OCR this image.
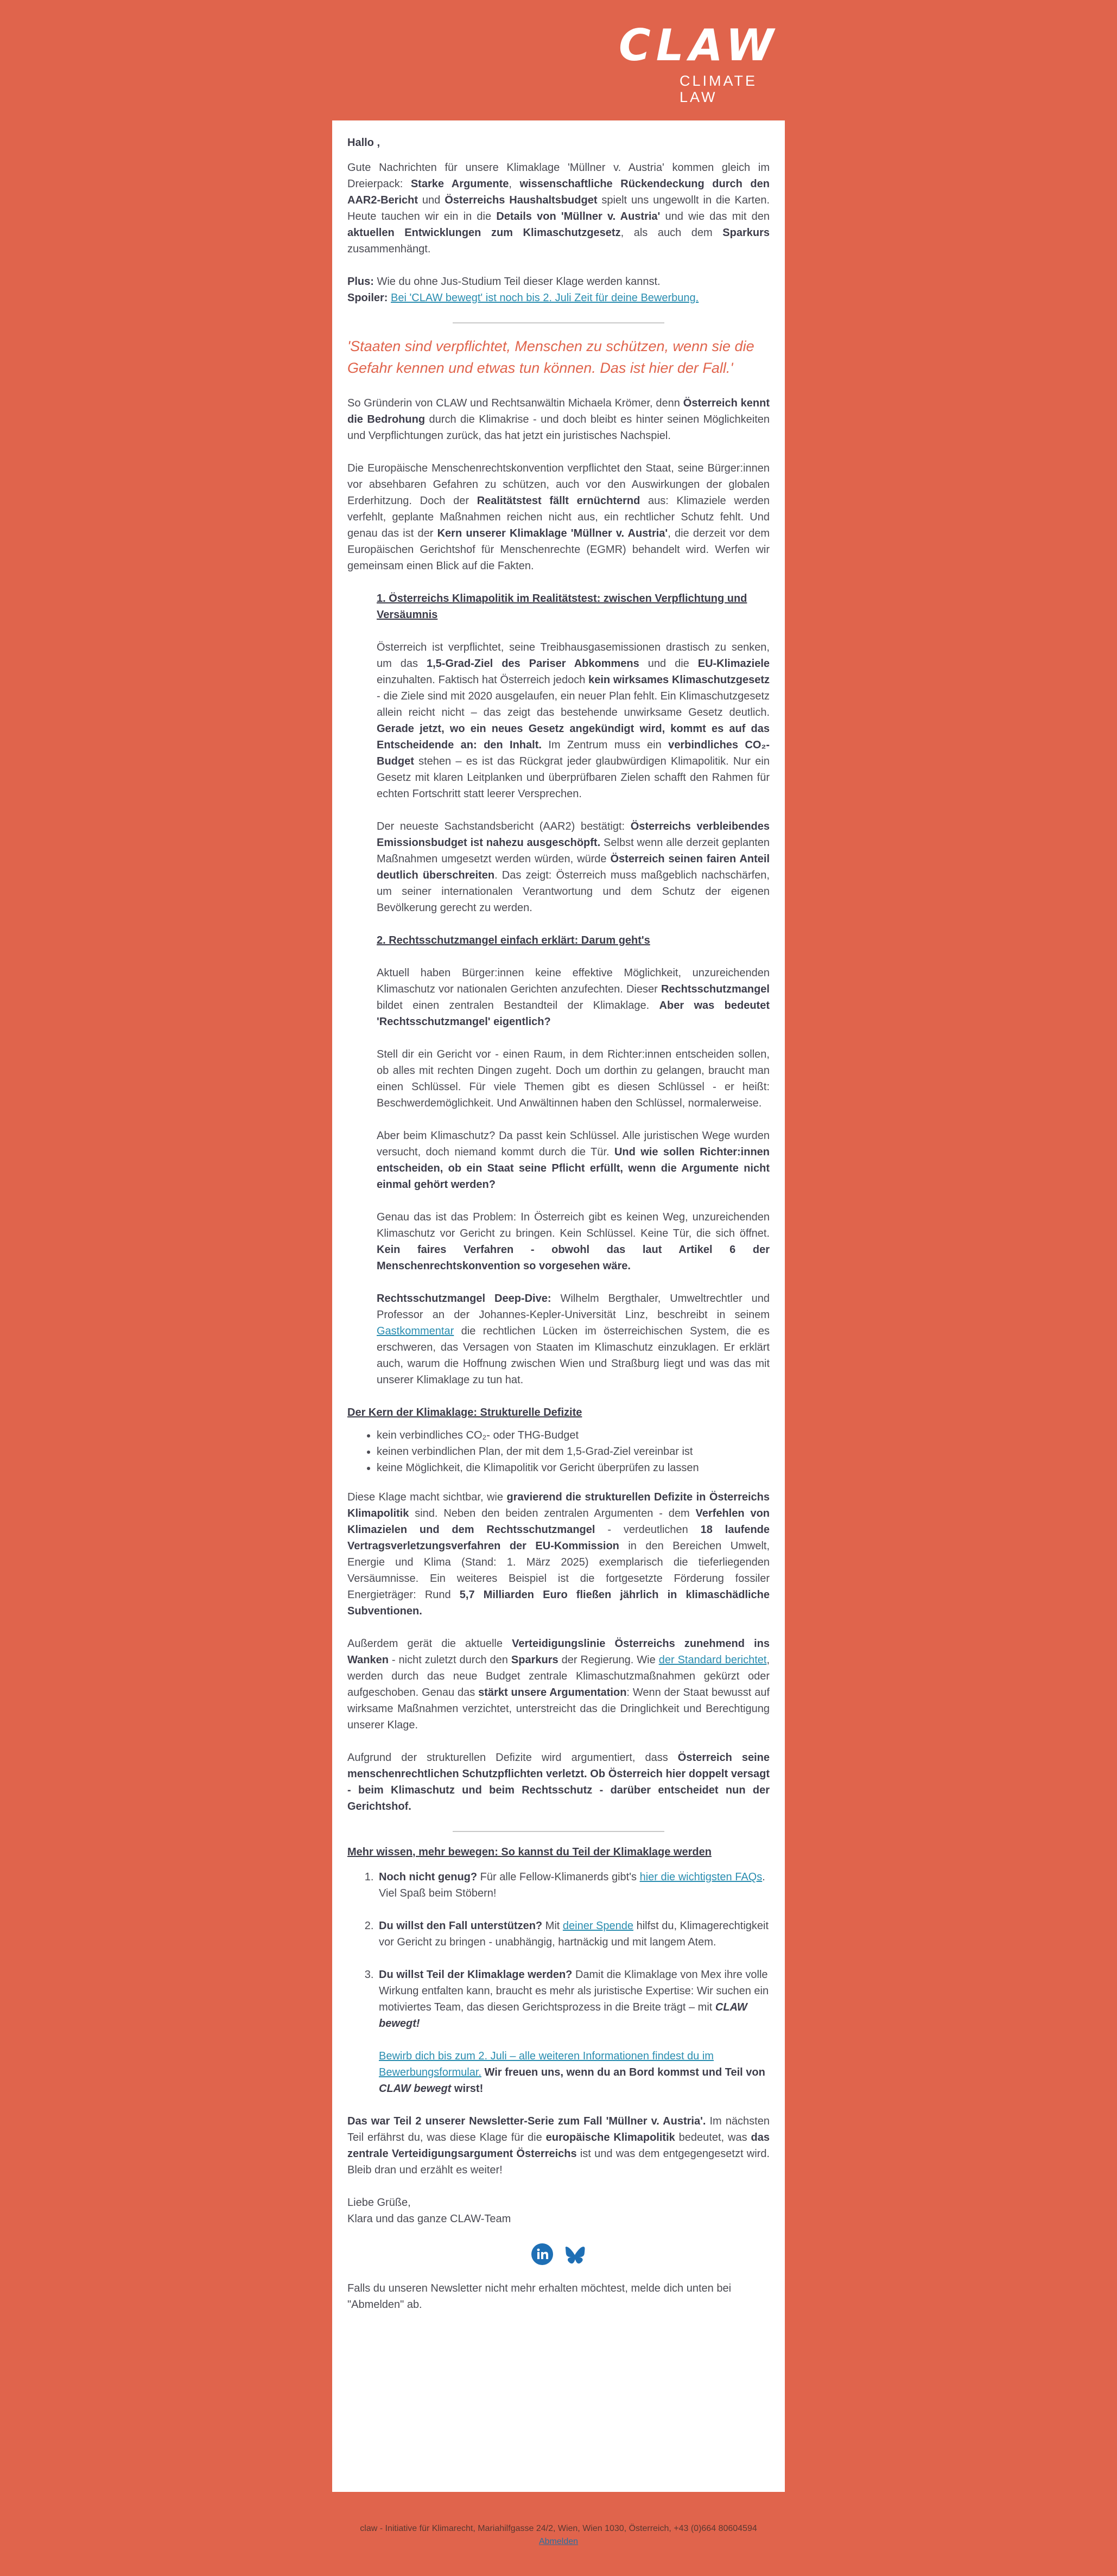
CLAW
CLIMATE
LAW

Hallo ,

Gute Nachrichten für unsere Klimaklage 'Müllner v. Austria' kommen gleich im Dreierpack: Starke Argumente, wissenschaftliche Rückendeckung durch den AAR2-Bericht und Österreichs Haushaltsbudget spielt uns ungewollt in die Karten. Heute tauchen wir ein in die Details von 'Müllner v. Austria' und wie das mit den aktuellen Entwicklungen zum Klimaschutzgesetz, als auch dem Sparkurs zusammenhängt.

Plus: Wie du ohne Jus-Studium Teil dieser Klage werden kannst.
Spoiler: Bei 'CLAW bewegt' ist noch bis 2. Juli Zeit für deine Bewerbung.

'Staaten sind verpflichtet, Menschen zu schützen, wenn sie die Gefahr kennen und etwas tun können. Das ist hier der Fall.'

So Gründerin von CLAW und Rechtsanwältin Michaela Krömer, denn Österreich kennt die Bedrohung durch die Klimakrise - und doch bleibt es hinter seinen Möglichkeiten und Verpflichtungen zurück, das hat jetzt ein juristisches Nachspiel.

Die Europäische Menschenrechtskonvention verpflichtet den Staat, seine Bürger:innen vor absehbaren Gefahren zu schützen, auch vor den Auswirkungen der globalen Erderhitzung. Doch der Realitätstest fällt ernüchternd aus: Klimaziele werden verfehlt, geplante Maßnahmen reichen nicht aus, ein rechtlicher Schutz fehlt. Und genau das ist der Kern unserer Klimaklage 'Müllner v. Austria', die derzeit vor dem Europäischen Gerichtshof für Menschenrechte (EGMR) behandelt wird. Werfen wir gemeinsam einen Blick auf die Fakten.

1. Österreichs Klimapolitik im Realitätstest: zwischen Verpflichtung und Versäumnis

Österreich ist verpflichtet, seine Treibhausgasemissionen drastisch zu senken, um das 1,5-Grad-Ziel des Pariser Abkommens und die EU-Klimaziele einzuhalten. Faktisch hat Österreich jedoch kein wirksames Klimaschutzgesetz - die Ziele sind mit 2020 ausgelaufen, ein neuer Plan fehlt. Ein Klimaschutzgesetz allein reicht nicht – das zeigt das bestehende unwirksame Gesetz deutlich. Gerade jetzt, wo ein neues Gesetz angekündigt wird, kommt es auf das Entscheidende an: den Inhalt. Im Zentrum muss ein verbindliches CO₂-Budget stehen – es ist das Rückgrat jeder glaubwürdigen Klimapolitik. Nur ein Gesetz mit klaren Leitplanken und überprüfbaren Zielen schafft den Rahmen für echten Fortschritt statt leerer Versprechen.

Der neueste Sachstandsbericht (AAR2) bestätigt: Österreichs verbleibendes Emissionsbudget ist nahezu ausgeschöpft. Selbst wenn alle derzeit geplanten Maßnahmen umgesetzt werden würden, würde Österreich seinen fairen Anteil deutlich überschreiten. Das zeigt: Österreich muss maßgeblich nachschärfen, um seiner internationalen Verantwortung und dem Schutz der eigenen Bevölkerung gerecht zu werden.

2. Rechtsschutzmangel einfach erklärt: Darum geht's

Aktuell haben Bürger:innen keine effektive Möglichkeit, unzureichenden Klimaschutz vor nationalen Gerichten anzufechten. Dieser Rechtsschutzmangel bildet einen zentralen Bestandteil der Klimaklage. Aber was bedeutet 'Rechtsschutzmangel' eigentlich?

Stell dir ein Gericht vor - einen Raum, in dem Richter:innen entscheiden sollen, ob alles mit rechten Dingen zugeht. Doch um dorthin zu gelangen, braucht man einen Schlüssel. Für viele Themen gibt es diesen Schlüssel - er heißt: Beschwerdemöglichkeit. Und Anwältinnen haben den Schlüssel, normalerweise.

Aber beim Klimaschutz? Da passt kein Schlüssel. Alle juristischen Wege wurden versucht, doch niemand kommt durch die Tür. Und wie sollen Richter:innen entscheiden, ob ein Staat seine Pflicht erfüllt, wenn die Argumente nicht einmal gehört werden?

Genau das ist das Problem: In Österreich gibt es keinen Weg, unzureichenden Klimaschutz vor Gericht zu bringen. Kein Schlüssel. Keine Tür, die sich öffnet. Kein faires Verfahren - obwohl das laut Artikel 6 der Menschenrechtskonvention so vorgesehen wäre.

Rechtsschutzmangel Deep-Dive: Wilhelm Bergthaler, Umweltrechtler und Professor an der Johannes-Kepler-Universität Linz, beschreibt in seinem Gastkommentar die rechtlichen Lücken im österreichischen System, die es erschweren, das Versagen von Staaten im Klimaschutz einzuklagen. Er erklärt auch, warum die Hoffnung zwischen Wien und Straßburg liegt und was das mit unserer Klimaklage zu tun hat.

Der Kern der Klimaklage: Strukturelle Defizite

• kein verbindliches CO₂- oder THG-Budget
• keinen verbindlichen Plan, der mit dem 1,5-Grad-Ziel vereinbar ist
• keine Möglichkeit, die Klimapolitik vor Gericht überprüfen zu lassen

Diese Klage macht sichtbar, wie gravierend die strukturellen Defizite in Österreichs Klimapolitik sind. Neben den beiden zentralen Argumenten - dem Verfehlen von Klimazielen und dem Rechtsschutzmangel - verdeutlichen 18 laufende Vertragsverletzungsverfahren der EU-Kommission in den Bereichen Umwelt, Energie und Klima (Stand: 1. März 2025) exemplarisch die tieferliegenden Versäumnisse. Ein weiteres Beispiel ist die fortgesetzte Förderung fossiler Energieträger: Rund 5,7 Milliarden Euro fließen jährlich in klimaschädliche Subventionen.

Außerdem gerät die aktuelle Verteidigungslinie Österreichs zunehmend ins Wanken - nicht zuletzt durch den Sparkurs der Regierung. Wie der Standard berichtet, werden durch das neue Budget zentrale Klimaschutzmaßnahmen gekürzt oder aufgeschoben. Genau das stärkt unsere Argumentation: Wenn der Staat bewusst auf wirksame Maßnahmen verzichtet, unterstreicht das die Dringlichkeit und Berechtigung unserer Klage.

Aufgrund der strukturellen Defizite wird argumentiert, dass Österreich seine menschenrechtlichen Schutzpflichten verletzt. Ob Österreich hier doppelt versagt - beim Klimaschutz und beim Rechtsschutz - darüber entscheidet nun der Gerichtshof.

Mehr wissen, mehr bewegen: So kannst du Teil der Klimaklage werden

1. Noch nicht genug? Für alle Fellow-Klimanerds gibt's hier die wichtigsten FAQs. Viel Spaß beim Stöbern!
2. Du willst den Fall unterstützen? Mit deiner Spende hilfst du, Klimagerechtigkeit vor Gericht zu bringen - unabhängig, hartnäckig und mit langem Atem.
3. Du willst Teil der Klimaklage werden? Damit die Klimaklage von Mex ihre volle Wirkung entfalten kann, braucht es mehr als juristische Expertise: Wir suchen ein motiviertes Team, das diesen Gerichtsprozess in die Breite trägt – mit CLAW bewegt!
Bewirb dich bis zum 2. Juli – alle weiteren Informationen findest du im Bewerbungsformular. Wir freuen uns, wenn du an Bord kommst und Teil von CLAW bewegt wirst!

Das war Teil 2 unserer Newsletter-Serie zum Fall 'Müllner v. Austria'. Im nächsten Teil erfährst du, was diese Klage für die europäische Klimapolitik bedeutet, was das zentrale Verteidigungsargument Österreichs ist und was dem entgegengesetzt wird. Bleib dran und erzählt es weiter!

Liebe Grüße,
Klara und das ganze CLAW-Team

Falls du unseren Newsletter nicht mehr erhalten möchtest, melde dich unten bei "Abmelden" ab.

claw - Initiative für Klimarecht, Mariahilfgasse 24/2, Wien, Wien 1030, Österreich, +43 (0)664 80604594
Abmelden
